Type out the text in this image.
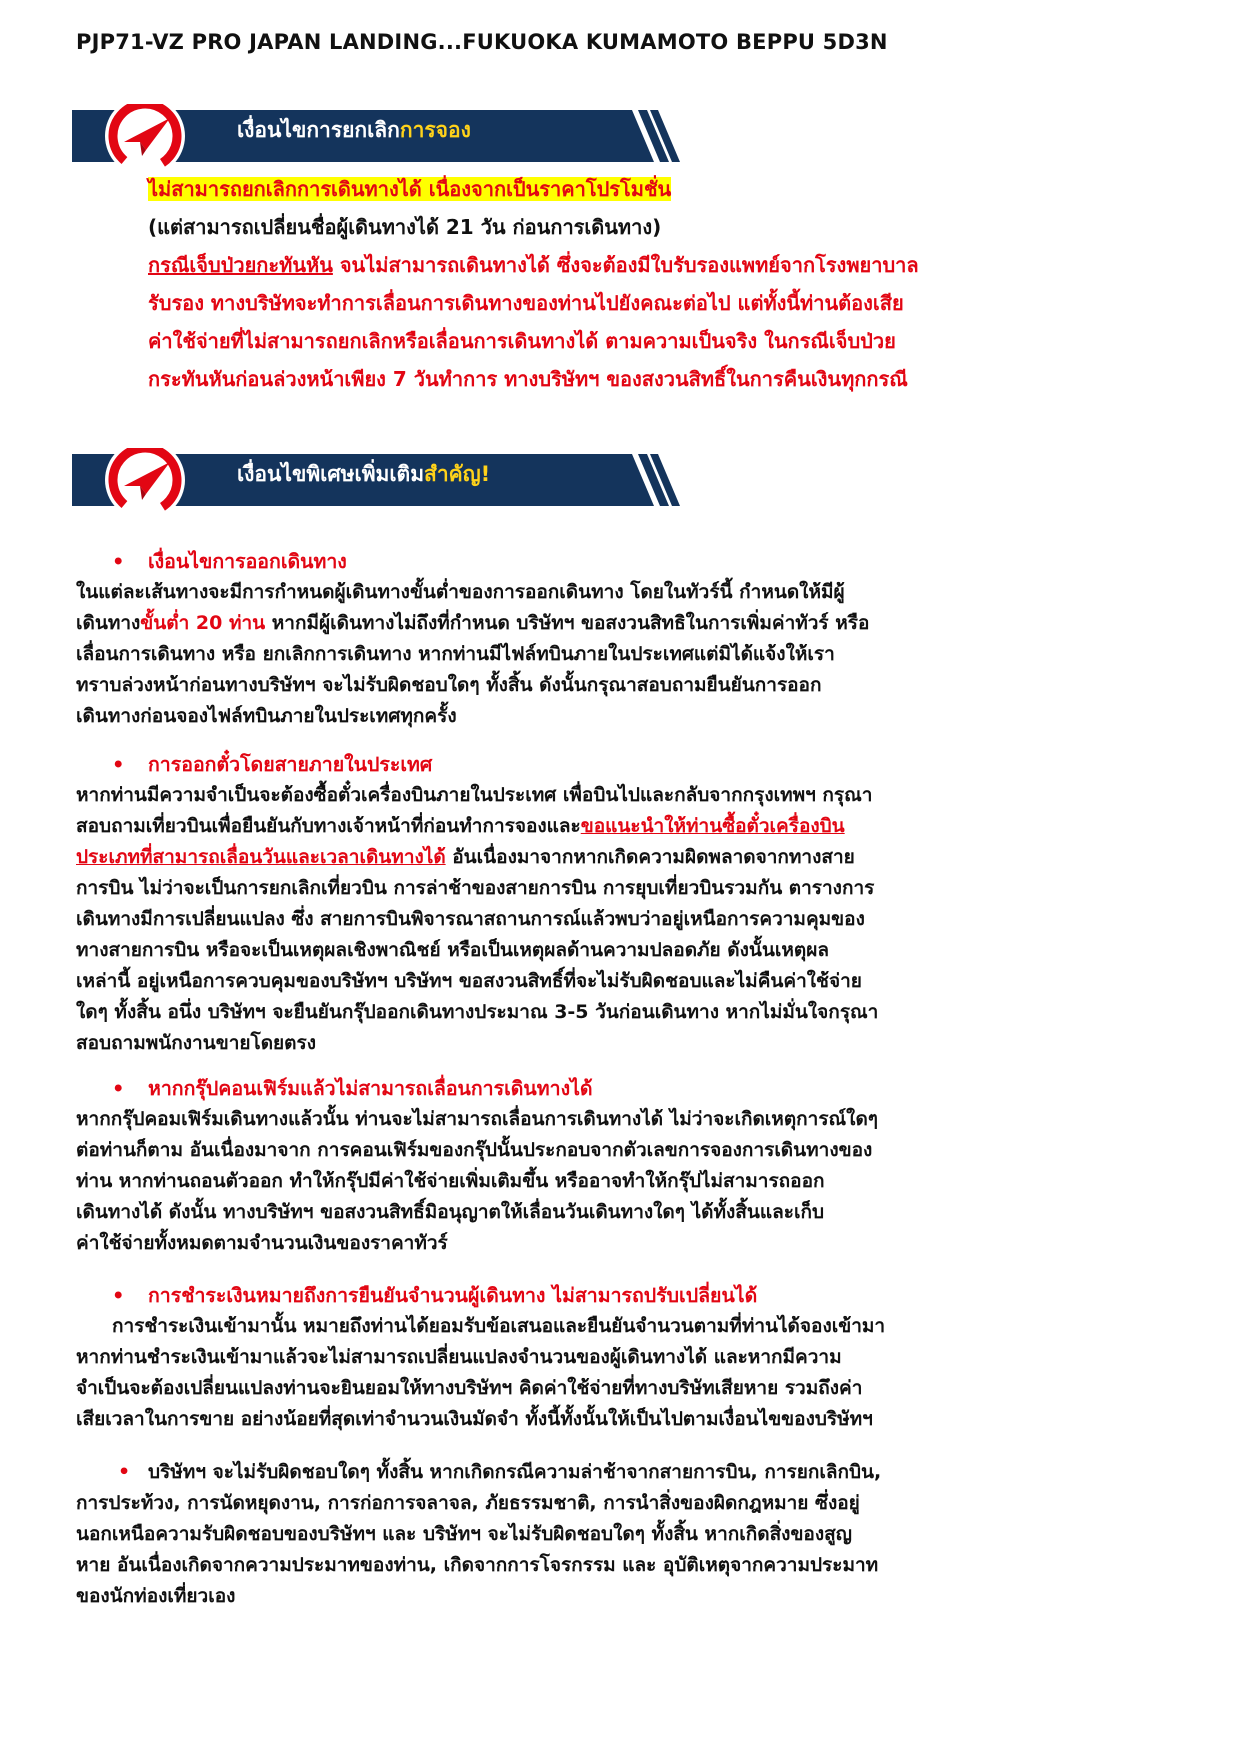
PJP71-VZ PRO JAPAN LANDING...FUKUOKA KUMAMOTO BEPPU 5D3N
เงื่อนไขการยกเลิกการจอง
ไม่สามารถยกเลิกการเดินทางได้ เนื่องจากเป็นราคาโปรโมชั่น
(แต่สามารถเปลี่ยนชื่อผู้เดินทางได้ 21 วัน ก่อนการเดินทาง)
กรณีเจ็บป่วยกะทันหัน จนไม่สามารถเดินทางได้ ซึ่งจะต้องมีใบรับรองแพทย์จากโรงพยาบาล
รับรอง ทางบริษัทจะทำการเลื่อนการเดินทางของท่านไปยังคณะต่อไป แต่ทั้งนี้ท่านต้องเสีย
ค่าใช้จ่ายที่ไม่สามารถยกเลิกหรือเลื่อนการเดินทางได้ ตามความเป็นจริง ในกรณีเจ็บป่วย
กระทันหันก่อนล่วงหน้าเพียง 7 วันทำการ ทางบริษัทฯ ของสงวนสิทธิ์ในการคืนเงินทุกกรณี
เงื่อนไขพิเศษเพิ่มเติมสำคัญ!
• เงื่อนไขการออกเดินทาง

ในแต่ละเส้นทางจะมีการกำหนดผู้เดินทางขั้นต่ำของการออกเดินทาง โดยในทัวร์นี้ กำหนดให้มีผู้

เดินทางขั้นต่ำ 20 ท่าน หากมีผู้เดินทางไม่ถึงที่กำหนด บริษัทฯ ขอสงวนสิทธิในการเพิ่มค่าทัวร์ หรือ

เลื่อนการเดินทาง หรือ ยกเลิกการเดินทาง หากท่านมีไฟล์ทบินภายในประเทศแต่มิได้แจ้งให้เรา

ทราบล่วงหน้าก่อนทางบริษัทฯ จะไม่รับผิดชอบใดๆ ทั้งสิ้น ดังนั้นกรุณาสอบถามยืนยันการออก

เดินทางก่อนจองไฟล์ทบินภายในประเทศทุกครั้ง

• การออกตั๋วโดยสายภายในประเทศ

หากท่านมีความจำเป็นจะต้องซื้อตั๋วเครื่องบินภายในประเทศ เพื่อบินไปและกลับจากกรุงเทพฯ กรุณา

สอบถามเที่ยวบินเพื่อยืนยันกับทางเจ้าหน้าที่ก่อนทำการจองและขอแนะนำให้ท่านซื้อตั๋วเครื่องบิน

ประเภทที่สามารถเลื่อนวันและเวลาเดินทางได้ อันเนื่องมาจากหากเกิดความผิดพลาดจากทางสาย

การบิน ไม่ว่าจะเป็นการยกเลิกเที่ยวบิน การล่าช้าของสายการบิน การยุบเที่ยวบินรวมกัน ตารางการ

เดินทางมีการเปลี่ยนแปลง ซึ่ง สายการบินพิจารณาสถานการณ์แล้วพบว่าอยู่เหนือการความคุมของ

ทางสายการบิน หรือจะเป็นเหตุผลเชิงพาณิชย์ หรือเป็นเหตุผลด้านความปลอดภัย ดังนั้นเหตุผล

เหล่านี้ อยู่เหนือการควบคุมของบริษัทฯ บริษัทฯ ขอสงวนสิทธิ์ที่จะไม่รับผิดชอบและไม่คืนค่าใช้จ่าย

ใดๆ ทั้งสิ้น อนึ่ง บริษัทฯ จะยืนยันกรุ๊ปออกเดินทางประมาณ 3-5 วันก่อนเดินทาง หากไม่มั่นใจกรุณา

สอบถามพนักงานขายโดยตรง

• หากกรุ๊ปคอนเฟิร์มแล้วไม่สามารถเลื่อนการเดินทางได้

หากกรุ๊ปคอมเฟิร์มเดินทางแล้วนั้น ท่านจะไม่สามารถเลื่อนการเดินทางได้ ไม่ว่าจะเกิดเหตุการณ์ใดๆ

ต่อท่านก็ตาม อันเนื่องมาจาก การคอนเฟิร์มของกรุ๊ปนั้นประกอบจากตัวเลขการจองการเดินทางของ

ท่าน หากท่านถอนตัวออก ทำให้กรุ๊ปมีค่าใช้จ่ายเพิ่มเติมขึ้น หรืออาจทำให้กรุ๊ปไม่สามารถออก

เดินทางได้ ดังนั้น ทางบริษัทฯ ขอสงวนสิทธิ์มิอนุญาตให้เลื่อนวันเดินทางใดๆ ได้ทั้งสิ้นและเก็บ

ค่าใช้จ่ายทั้งหมดตามจำนวนเงินของราคาทัวร์

• การชำระเงินหมายถึงการยืนยันจำนวนผู้เดินทาง ไม่สามารถปรับเปลี่ยนได้

การชำระเงินเข้ามานั้น หมายถึงท่านได้ยอมรับข้อเสนอและยืนยันจำนวนตามที่ท่านได้จองเข้ามา

หากท่านชำระเงินเข้ามาแล้วจะไม่สามารถเปลี่ยนแปลงจำนวนของผู้เดินทางได้ และหากมีความ

จำเป็นจะต้องเปลี่ยนแปลงท่านจะยินยอมให้ทางบริษัทฯ คิดค่าใช้จ่ายที่ทางบริษัทเสียหาย รวมถึงค่า

เสียเวลาในการขาย อย่างน้อยที่สุดเท่าจำนวนเงินมัดจำ ทั้งนี้ทั้งนั้นให้เป็นไปตามเงื่อนไขของบริษัทฯ

• บริษัทฯ จะไม่รับผิดชอบใดๆ ทั้งสิ้น หากเกิดกรณีความล่าช้าจากสายการบิน, การยกเลิกบิน,

การประท้วง, การนัดหยุดงาน, การก่อการจลาจล, ภัยธรรมชาติ, การนำสิ่งของผิดกฎหมาย ซึ่งอยู่

นอกเหนือความรับผิดชอบของบริษัทฯ และ บริษัทฯ จะไม่รับผิดชอบใดๆ ทั้งสิ้น หากเกิดสิ่งของสูญ

หาย อันเนื่องเกิดจากความประมาทของท่าน, เกิดจากการโจรกรรม และ อุบัติเหตุจากความประมาท

ของนักท่องเที่ยวเอง
